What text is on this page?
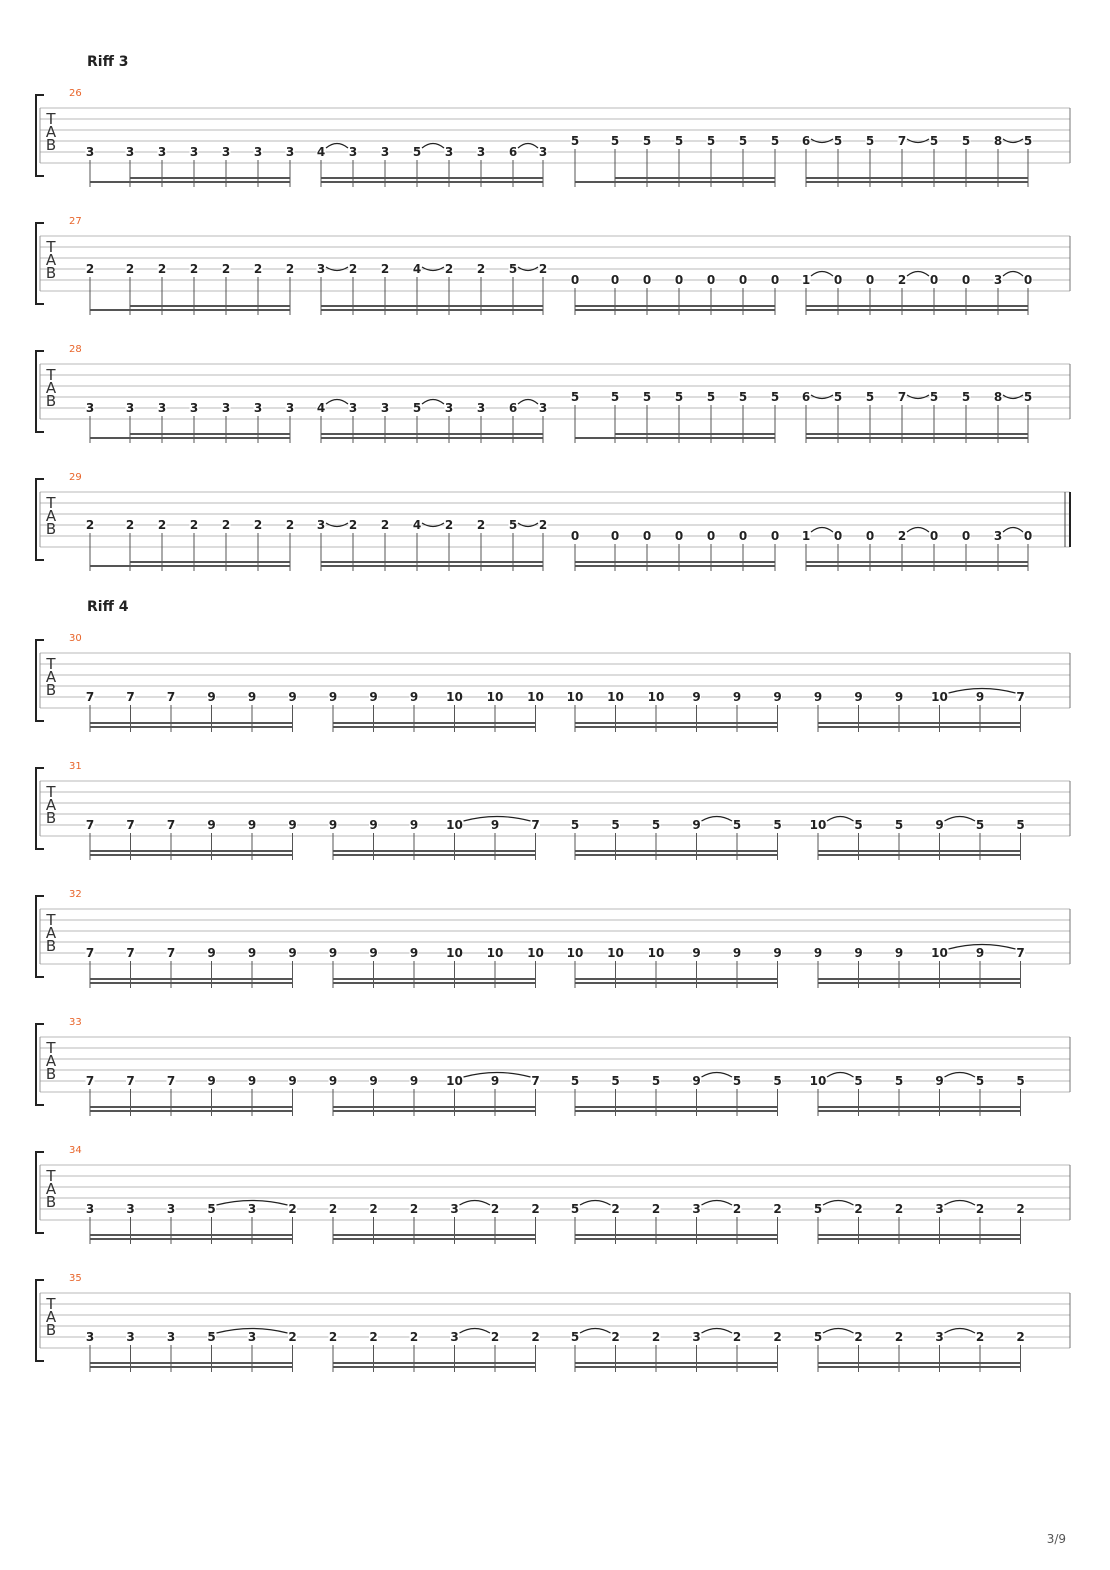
Riff 3
Riff 4
26
T
A
B 3	3 3 3 3 3 3 4 3 3 5 3 3 6 3
5	5 5 5 5 5 5 6 5 5 7 5 5 8 5
27
T
A
B 2	2 2 2 2 2 2 3 2 2 4 2 2 5 2
0	0 0 0 0 0 0 1 0 0 2 0 0 3 0
28
T
A
B 3	3 3 3 3 3 3 4 3 3 5 3 3 6 3
5	5 5 5 5 5 5 6 5 5 7 5 5 8 5
29
T
A
B 2	2 2 2 2 2 2 3 2 2 4 2 2 5 2
0	0 0 0 0 0 0 1 0 0 2 0 0 3 0
30
T
A
B 7	7	7	9	9	9	9	9	9 10 10 10 10 10 10 9	9	9	9	9	9 10 9	7
31
T
A
B 7	7	7	9	9	9	9	9	9 10 9	7	5	5	5	9	5	5 10 5	5	9	5	5
32
T
A
B 7	7	7	9	9	9	9	9	9 10 10 10 10 10 10 9	9	9	9	9	9 10 9	7
33
T
A
B 7	7	7	9	9	9	9	9	9 10 9	7	5	5	5	9	5	5 10 5	5	9	5	5
34
T
A
B 3	3	3	5	3	2	2	2	2	3	2	2	5	2	2	3	2	2	5	2	2	3	2	2
35
T
A
B 3	3	3	5	3	2	2	2	2	3	2	2	5	2	2	3	2	2	5	2	2	3	2	2
3/9
